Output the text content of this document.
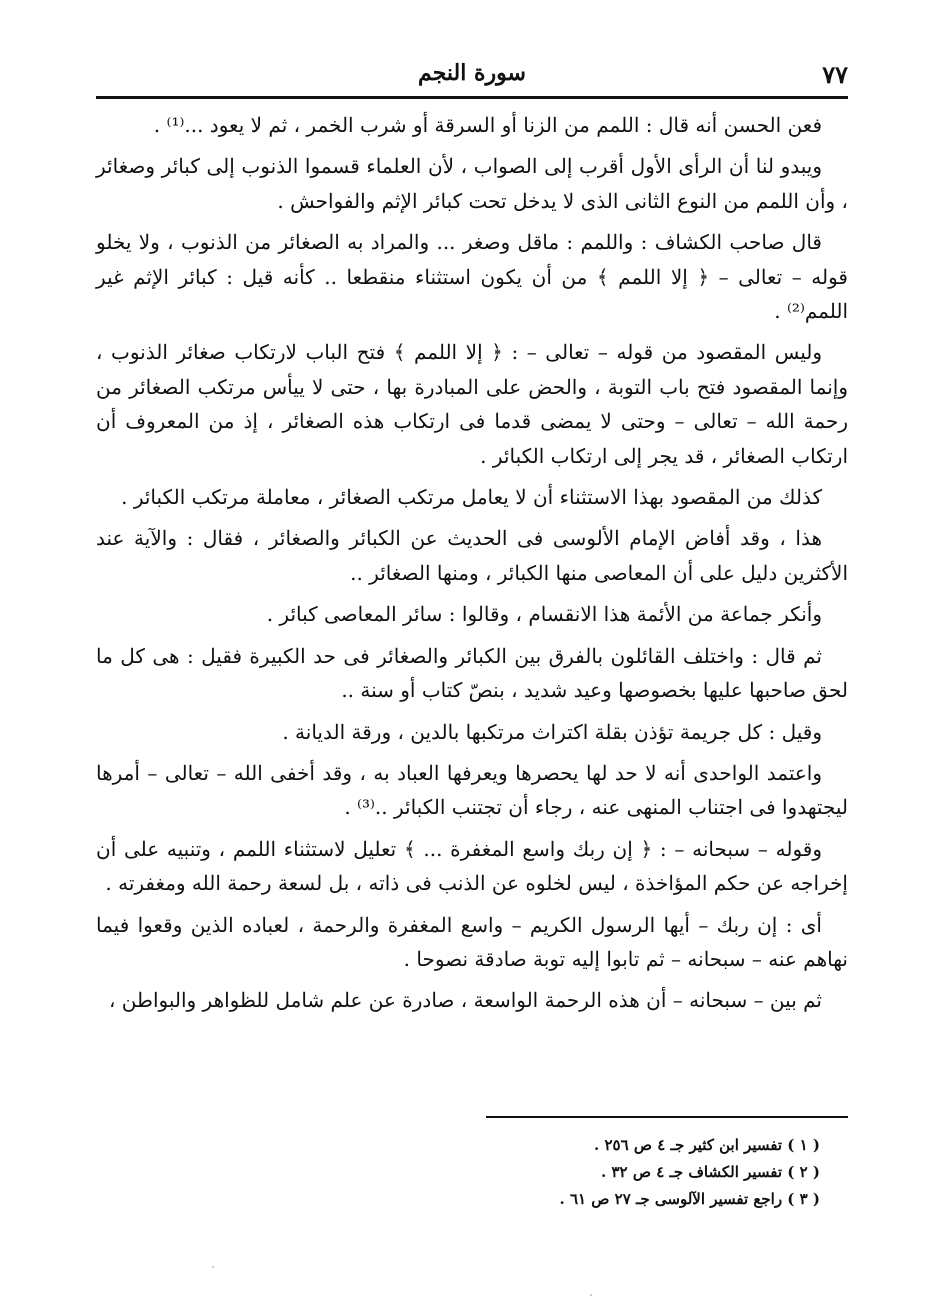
٧٧
سورة النجم

فعن الحسن أنه قال : اللمم من الزنا أو السرقة أو شرب الخمر ، ثم لا يعود ...⁽¹⁾ .

ويبدو لنا أن الرأى الأول أقرب إلى الصواب ، لأن العلماء قسموا الذنوب إلى كبائر وصغائر ، وأن اللمم من النوع الثانى الذى لا يدخل تحت كبائر الإثم والفواحش .

قال صاحب الكشاف : واللمم : ماقل وصغر ... والمراد به الصغائر من الذنوب ، ولا يخلو قوله – تعالى – ﴿ إلا اللمم ﴾ من أن يكون استثناء منقطعا .. كأنه قيل : كبائر الإثم غير اللمم⁽²⁾ .

وليس المقصود من قوله – تعالى – : ﴿ إلا اللمم ﴾ فتح الباب لارتكاب صغائر الذنوب ، وإنما المقصود فتح باب التوبة ، والحض على المبادرة بها ، حتى لا ييأس مرتكب الصغائر من رحمة الله – تعالى – وحتى لا يمضى قدما فى ارتكاب هذه الصغائر ، إذ من المعروف أن ارتكاب الصغائر ، قد يجر إلى ارتكاب الكبائر .

كذلك من المقصود بهذا الاستثناء أن لا يعامل مرتكب الصغائر ، معاملة مرتكب الكبائر .

هذا ، وقد أفاض الإمام الألوسى فى الحديث عن الكبائر والصغائر ، فقال : والآية عند الأكثرين دليل على أن المعاصى منها الكبائر ، ومنها الصغائر ..

وأنكر جماعة من الأئمة هذا الانقسام ، وقالوا : سائر المعاصى كبائر .

ثم قال : واختلف القائلون بالفرق بين الكبائر والصغائر فى حد الكبيرة فقيل : هى كل ما لحق صاحبها عليها بخصوصها وعيد شديد ، بنصّ كتاب أو سنة ..

وقيل : كل جريمة تؤذن بقلة اكتراث مرتكبها بالدين ، ورقة الديانة .

واعتمد الواحدى أنه لا حد لها يحصرها ويعرفها العباد به ، وقد أخفى الله – تعالى – أمرها ليجتهدوا فى اجتناب المنهى عنه ، رجاء أن تجتنب الكبائر ..⁽³⁾ .

وقوله – سبحانه – : ﴿ إن ربك واسع المغفرة ... ﴾ تعليل لاستثناء اللمم ، وتنبيه على أن إخراجه عن حكم المؤاخذة ، ليس لخلوه عن الذنب فى ذاته ، بل لسعة رحمة الله ومغفرته .

أى : إن ربك – أيها الرسول الكريم – واسع المغفرة والرحمة ، لعباده الذين وقعوا فيما نهاهم عنه – سبحانه – ثم تابوا إليه توبة صادقة نصوحا .

ثم بين – سبحانه – أن هذه الرحمة الواسعة ، صادرة عن علم شامل للظواهر والبواطن ،

( ١ ) تفسير ابن كثير جـ ٤ ص ٢٥٦ .
( ٢ ) تفسير الكشاف جـ ٤ ص ٣٢ .
( ٣ ) راجع تفسير الآلوسى جـ ٢٧ ص ٦١ .
